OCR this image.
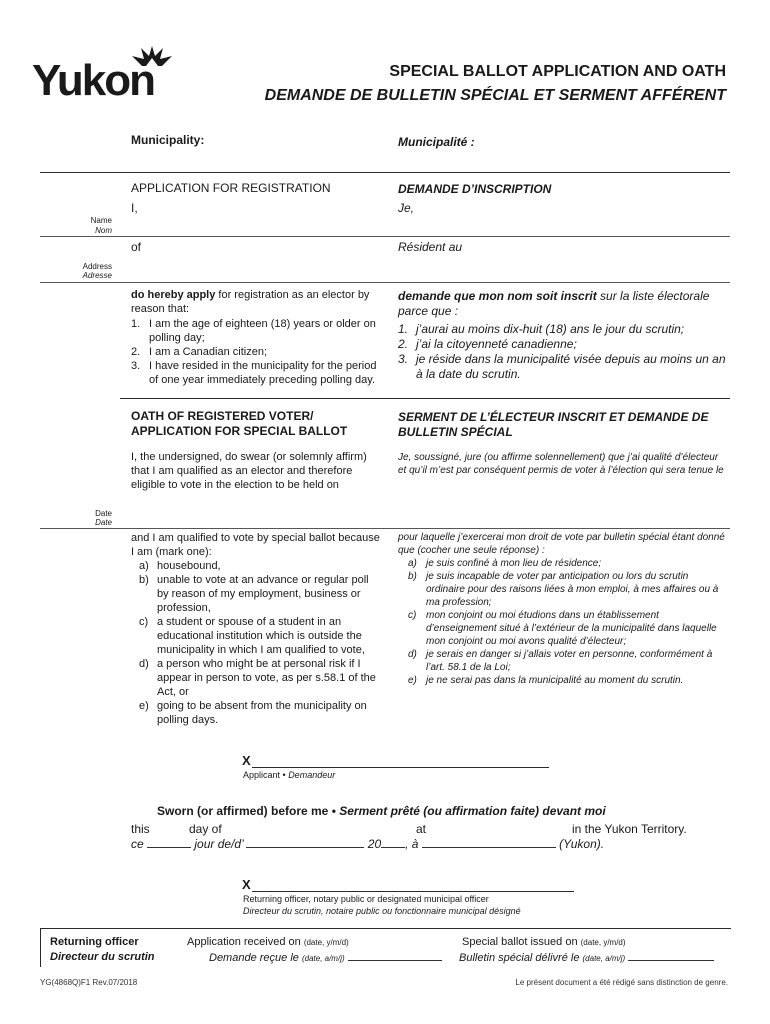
Yukon	SPECIAL BALLOT APPLICATION AND OATH
DEMANDE DE BULLETIN SPÉCIAL ET SERMENT AFFÉRENT
Municipality:	Municipalité :
APPLICATION FOR REGISTRATION	DEMANDE D’INSCRIPTION
I,	Je,
Name
Nom
of	Résident au
Address
Adresse
do hereby apply for registration as an elector by reason that:
1. I am the age of eighteen (18) years or older on polling day;
2. I am a Canadian citizen;
3. I have resided in the municipality for the period of one year immediately preceding polling day.
demande que mon nom soit inscrit sur la liste électorale parce que :
1. j’aurai au moins dix-huit (18) ans le jour du scrutin;
2. j’ai la citoyenneté canadienne;
3. je réside dans la municipalité visée depuis au moins un an à la date du scrutin.
OATH OF REGISTERED VOTER/ APPLICATION FOR SPECIAL BALLOT
SERMENT DE L’ÉLECTEUR INSCRIT ET DEMANDE DE BULLETIN SPÉCIAL
I, the undersigned, do swear (or solemnly affirm) that I am qualified as an elector and therefore eligible to vote in the election to be held on
Je, soussigné, jure (ou affirme solennellement) que j’ai qualité d’électeur et qu’il m’est par conséquent permis de voter à l’élection qui sera tenue le
Date
Date
and I am qualified to vote by special ballot because I am (mark one):
a) housebound,
b) unable to vote at an advance or regular poll by reason of my employment, business or profession,
c) a student or spouse of a student in an educational institution which is outside the municipality in which I am qualified to vote,
d) a person who might be at personal risk if I appear in person to vote, as per s.58.1 of the Act, or
e) going to be absent from the municipality on polling days.
pour laquelle j’exercerai mon droit de vote par bulletin spécial étant donné que (cocher une seule réponse) :
a) je suis confiné à mon lieu de résidence;
b) je suis incapable de voter par anticipation ou lors du scrutin ordinaire pour des raisons liées à mon emploi, à mes affaires ou à ma profession;
c) mon conjoint ou moi étudions dans un établissement d’enseignement situé à l’extérieur de la municipalité dans laquelle mon conjoint ou moi avons qualité d’électeur;
d) je serais en danger si j’allais voter en personne, conformément à l’art. 58.1 de la Loi;
e) je ne serai pas dans la municipalité au moment du scrutin.
X
Applicant • Demandeur
Sworn (or affirmed) before me • Serment prêté (ou affirmation faite) devant moi
this	day of	at	in the Yukon Territory.
ce	jour de/d’	20 , à	(Yukon).
X
Returning officer, notary public or designated municipal officer
Directeur du scrutin, notaire public ou fonctionnaire municipal désigné
Returning officer
Directeur du scrutin
Application received on (date, y/m/d)
Demande reçue le (date, a/m/j)
Special ballot issued on (date, y/m/d)
Bulletin spécial délivré le (date, a/m/j)
YG(4868Q)F1 Rev.07/2018	Le présent document a été rédigé sans distinction de genre.
